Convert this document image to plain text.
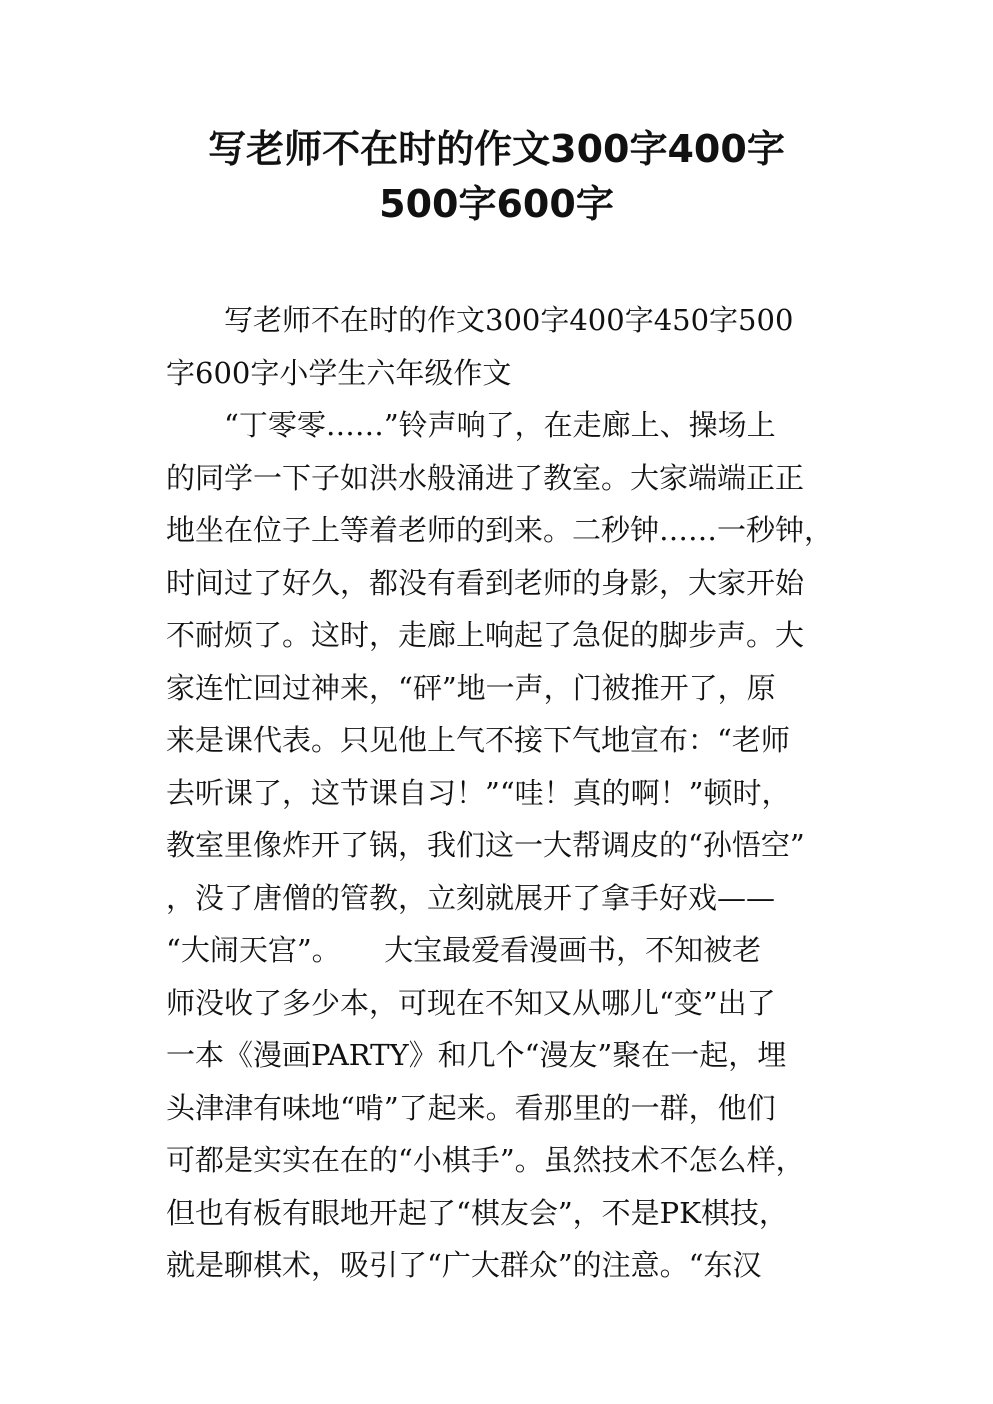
写老师不在时的作文300字400字
500字600字
　　写老师不在时的作文300字400字450字500
字600字小学生六年级作文
　　“丁零零……”铃声响了，在走廊上、操场上
的同学一下子如洪水般涌进了教室。大家端端正正
地坐在位子上等着老师的到来。二秒钟……一秒钟，
时间过了好久，都没有看到老师的身影，大家开始
不耐烦了。这时，走廊上响起了急促的脚步声。大
家连忙回过神来，“砰”地一声，门被推开了，原
来是课代表。只见他上气不接下气地宣布：“老师
去听课了，这节课自习！”“哇！真的啊！”顿时，
教室里像炸开了锅，我们这一大帮调皮的“孙悟空”
，没了唐僧的管教，立刻就展开了拿手好戏——
“大闹天宫”。　　大宝最爱看漫画书，不知被老
师没收了多少本，可现在不知又从哪儿“变”出了
一本《漫画PARTY》和几个“漫友”聚在一起，埋
头津津有味地“啃”了起来。看那里的一群，他们
可都是实实在在的“小棋手”。虽然技术不怎么样，
但也有板有眼地开起了“棋友会”，不是PK棋技，
就是聊棋术，吸引了“广大群众”的注意。“东汉
